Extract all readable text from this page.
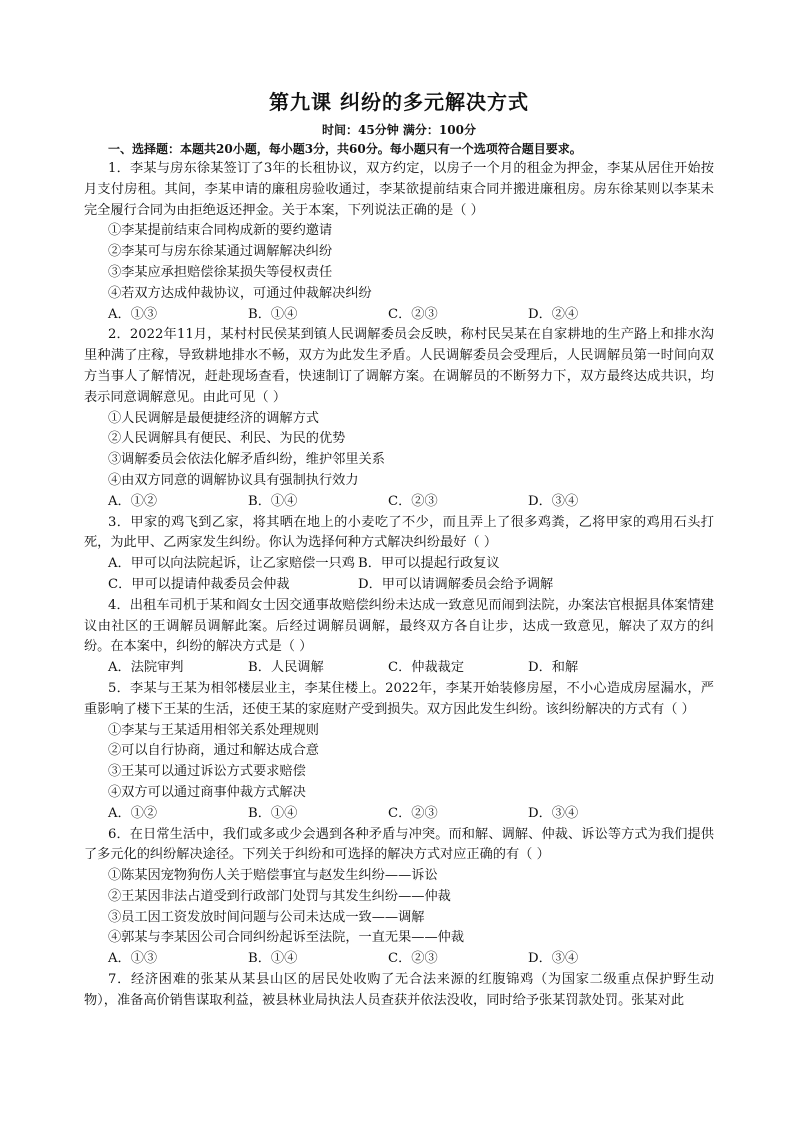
第九课 纠纷的多元解决方式
时间：45分钟 满分：100分
一、选择题：本题共20小题，每小题3分，共60分。每小题只有一个选项符合题目要求。
1．李某与房东徐某签订了3年的长租协议，双方约定，以房子一个月的租金为押金，李某从居住开始按月支付房租。其间，李某申请的廉租房验收通过，李某欲提前结束合同并搬进廉租房。房东徐某则以李某未完全履行合同为由拒绝返还押金。关于本案，下列说法正确的是（ ）
①李某提前结束合同构成新的要约邀请
②李某可与房东徐某通过调解解决纠纷
③李某应承担赔偿徐某损失等侵权责任
④若双方达成仲裁协议，可通过仲裁解决纠纷
A．①③	B．①④	C．②③	D．②④
2．2022年11月，某村村民侯某到镇人民调解委员会反映，称村民吴某在自家耕地的生产路上和排水沟里种满了庄稼，导致耕地排水不畅，双方为此发生矛盾。人民调解委员会受理后，人民调解员第一时间向双方当事人了解情况，赶赴现场查看，快速制订了调解方案。在调解员的不断努力下，双方最终达成共识，均表示同意调解意见。由此可见（ ）
①人民调解是最便捷经济的调解方式
②人民调解具有便民、利民、为民的优势
③调解委员会依法化解矛盾纠纷，维护邻里关系
④由双方同意的调解协议具有强制执行效力
A．①②	B．①④	C．②③	D．③④
3．甲家的鸡飞到乙家，将其晒在地上的小麦吃了不少，而且弄上了很多鸡粪，乙将甲家的鸡用石头打死，为此甲、乙两家发生纠纷。你认为选择何种方式解决纠纷最好（ ）
A．甲可以向法院起诉，让乙家赔偿一只鸡 B．甲可以提起行政复议
C．甲可以提请仲裁委员会仲裁	D．甲可以请调解委员会给予调解
4．出租车司机于某和阎女士因交通事故赔偿纠纷未达成一致意见而闹到法院，办案法官根据具体案情建议由社区的王调解员调解此案。后经过调解员调解，最终双方各自让步，达成一致意见，解决了双方的纠纷。在本案中，纠纷的解决方式是（ ）
A．法院审判	B．人民调解	C．仲裁裁定	D．和解
5．李某与王某为相邻楼层业主，李某住楼上。2022年，李某开始装修房屋，不小心造成房屋漏水，严重影响了楼下王某的生活，还使王某的家庭财产受到损失。双方因此发生纠纷。该纠纷解决的方式有（ ）
①李某与王某适用相邻关系处理规则
②可以自行协商，通过和解达成合意
③王某可以通过诉讼方式要求赔偿
④双方可以通过商事仲裁方式解决
A．①②	B．①④	C．②③	D．③④
6．在日常生活中，我们或多或少会遇到各种矛盾与冲突。而和解、调解、仲裁、诉讼等方式为我们提供了多元化的纠纷解决途径。下列关于纠纷和可选择的解决方式对应正确的有（ ）
①陈某因宠物狗伤人关于赔偿事宜与赵发生纠纷——诉讼
②王某因非法占道受到行政部门处罚与其发生纠纷——仲裁
③员工因工资发放时间问题与公司未达成一致——调解
④郭某与李某因公司合同纠纷起诉至法院，一直无果——仲裁
A．①③	B．①④	C．②③	D．③④
7．经济困难的张某从某县山区的居民处收购了无合法来源的红腹锦鸡（为国家二级重点保护野生动物），准备高价销售谋取利益，被县林业局执法人员查获并依法没收，同时给予张某罚款处罚。张某对此
